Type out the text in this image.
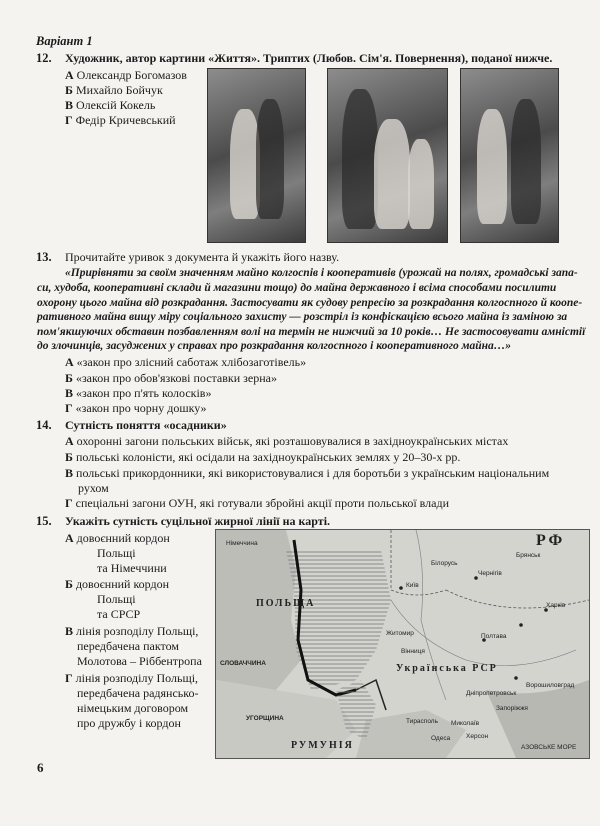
Варіант 1
12. Художник, автор картини «Життя». Триптих (Любов. Сім'я. Повернення), поданої нижче.
А Олександр Богомазов
Б Михайло Бойчук
В Олексій Кокель
Г Федір Кричевський
13. Прочитайте уривок з документа й укажіть його назву.
«Прирівняти за своїм значенням майно колгоспів і кооперативів (урожай на полях, громадські запа-
си, худоба, кооперативні склади й магазини тощо) до майна державного і всіма способами посилити
охорону цього майна від розкрадання. Застосувати як судову репресію за розкрадання колгоспного й коопе-
ративного майна вищу міру соціального захисту — розстріл із конфіскацією всього майна із заміною за
пом'якшуючих обставин позбавленням волі на термін не нижчий за 10 років… Не застосовувати амністії
до злочинців, засуджених у справах про розкрадання колгоспного і кооперативного майна…»
А «закон про злісний саботаж хлібозаготівель»
Б «закон про обов'язкові поставки зерна»
В «закон про п'ять колосків»
Г «закон про чорну дошку»
14. Сутність поняття «осадники»
А охоронні загони польських військ, які розташовувалися в західноукраїнських містах
Б польські колоністи, які осідали на західноукраїнських землях у 20–30-х рр.
В польські прикордонники, які використовувалися і для боротьби з українським національним
рухом
Г спеціальні загони ОУН, які готували збройні акції проти польської влади
15. Укажіть сутність суцільної жирної лінії на карті.
А довоєнний кордон
Польщі
та Німеччини
Б довоєнний кордон
Польщі
та СРСР
В лінія розподілу Польщі,
передбачена пактом
Молотова – Ріббентропа
Г лінія розподілу Польщі,
передбачена радянсько-
німецьким договором
про дружбу і кордон
ПОЛЬЩА
Українська РСР
РУМУНІЯ
СЛОВАЧЧИНА
УГОРЩИНА
Німеччина
Білорусь
РФ
Київ
Полтава
Чернігів
Житомир
Вінниця
Брянськ
Харків
Ворошиловград
Дніпропетровськ
Запоріжжя
Херсон
Тирасполь
Одеса
Миколаїв
АЗОВСЬКЕ МОРЕ
6
